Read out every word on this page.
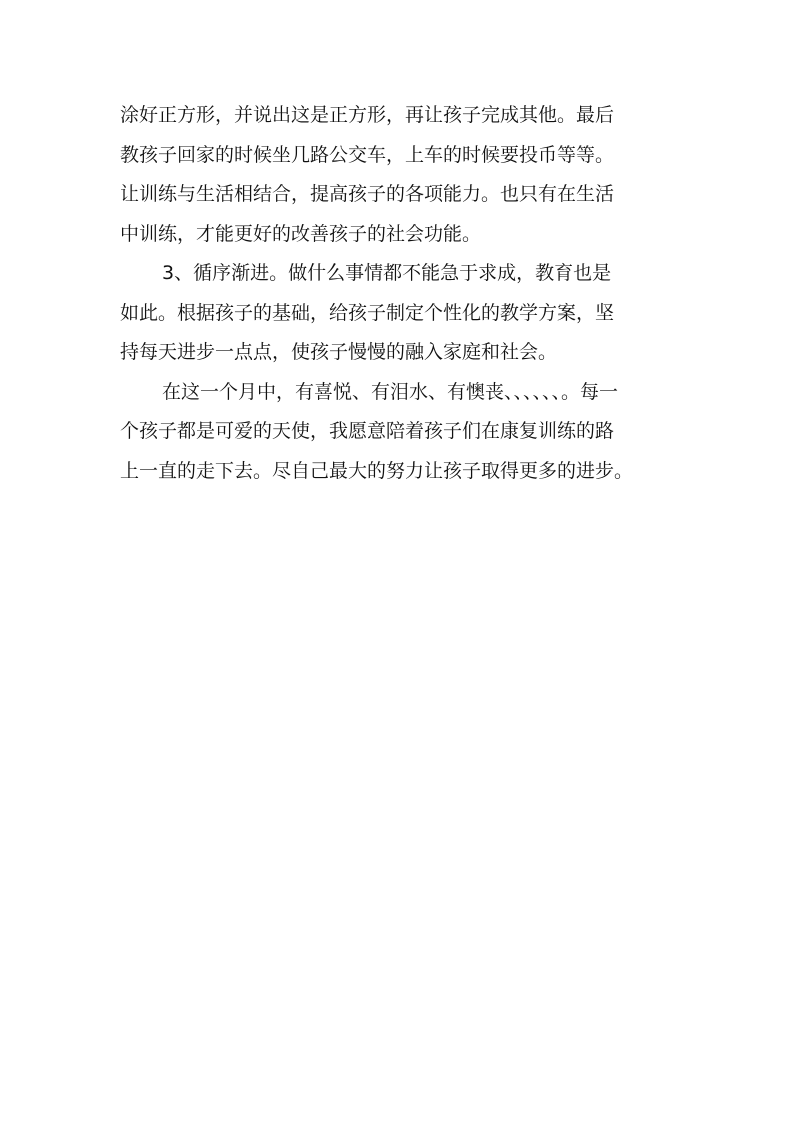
涂好正方形，并说出这是正方形，再让孩子完成其他。最后
教孩子回家的时候坐几路公交车，上车的时候要投币等等。
让训练与生活相结合，提高孩子的各项能力。也只有在生活
中训练，才能更好的改善孩子的社会功能。
3、循序渐进。做什么事情都不能急于求成，教育也是
如此。根据孩子的基础，给孩子制定个性化的教学方案，坚
持每天进步一点点，使孩子慢慢的融入家庭和社会。
在这一个月中，有喜悦、有泪水、有懊丧、、、、、、。每一
个孩子都是可爱的天使，我愿意陪着孩子们在康复训练的路
上一直的走下去。尽自己最大的努力让孩子取得更多的进步。
